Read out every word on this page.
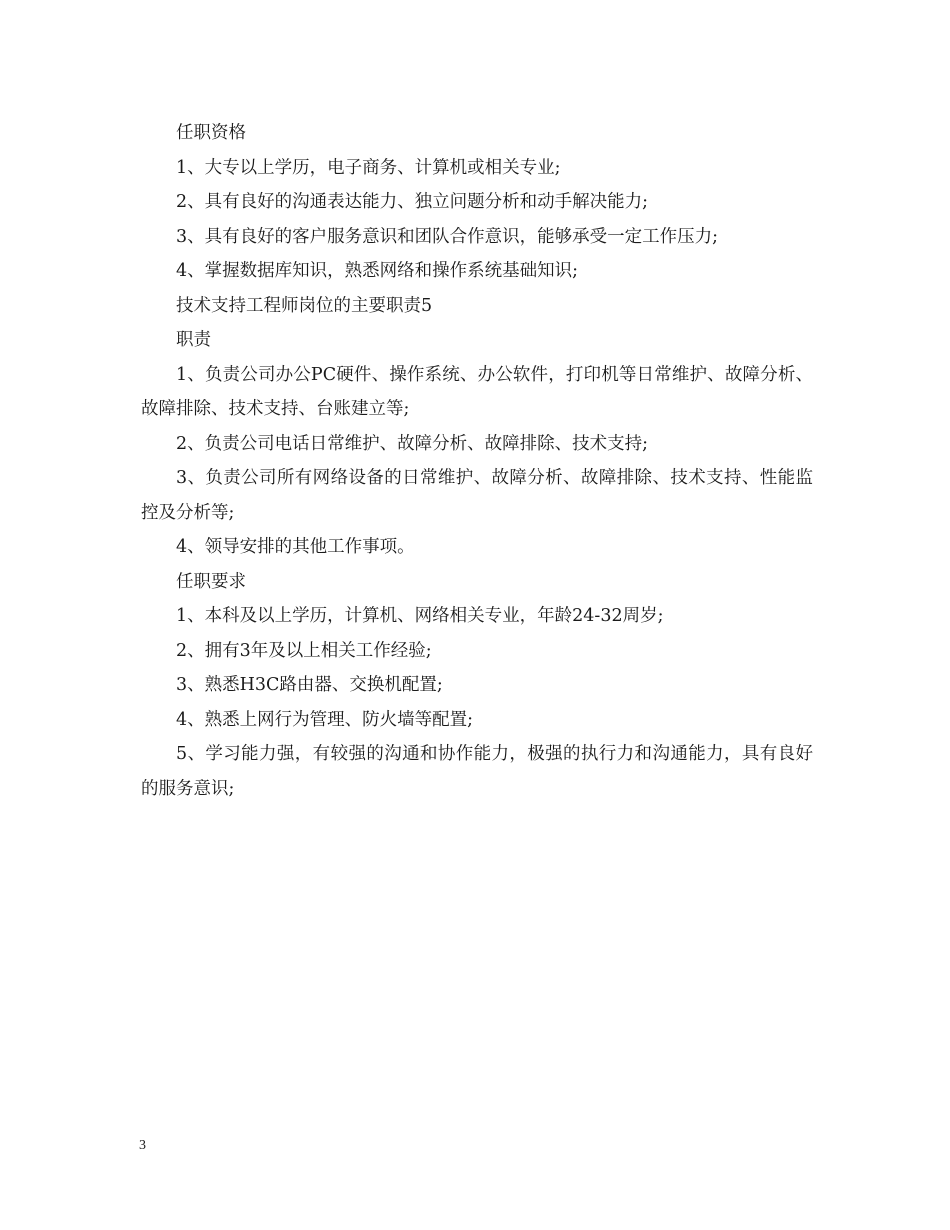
任职资格

1、大专以上学历，电子商务、计算机或相关专业;

2、具有良好的沟通表达能力、独立问题分析和动手解决能力;

3、具有良好的客户服务意识和团队合作意识，能够承受一定工作压力;

4、掌握数据库知识，熟悉网络和操作系统基础知识;

技术支持工程师岗位的主要职责5

职责

1、负责公司办公PC硬件、操作系统、办公软件，打印机等日常维护、故障分析、故障排除、技术支持、台账建立等;

2、负责公司电话日常维护、故障分析、故障排除、技术支持;

3、负责公司所有网络设备的日常维护、故障分析、故障排除、技术支持、性能监控及分析等;

4、领导安排的其他工作事项。

任职要求

1、本科及以上学历，计算机、网络相关专业，年龄24-32周岁;

2、拥有3年及以上相关工作经验;

3、熟悉H3C路由器、交换机配置;

4、熟悉上网行为管理、防火墙等配置;

5、学习能力强，有较强的沟通和协作能力，极强的执行力和沟通能力，具有良好的服务意识;

3
